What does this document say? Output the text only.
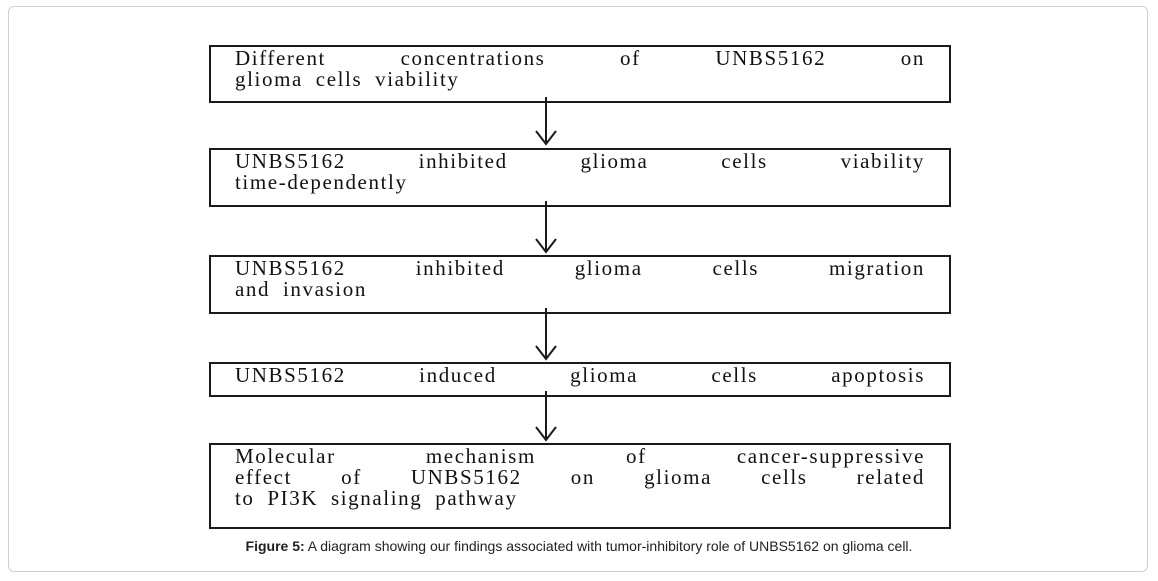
Different concentrations of UNBS5162 on
glioma cells viability
UNBS5162 inhibited glioma cells viability
time-dependently
UNBS5162 inhibited glioma cells migration
and invasion
UNBS5162 induced glioma cells apoptosis
Molecular mechanism of cancer-suppressive
effect of UNBS5162 on glioma cells related
to PI3K signaling pathway
Figure 5: A diagram showing our findings associated with tumor-inhibitory role of UNBS5162 on glioma cell.
